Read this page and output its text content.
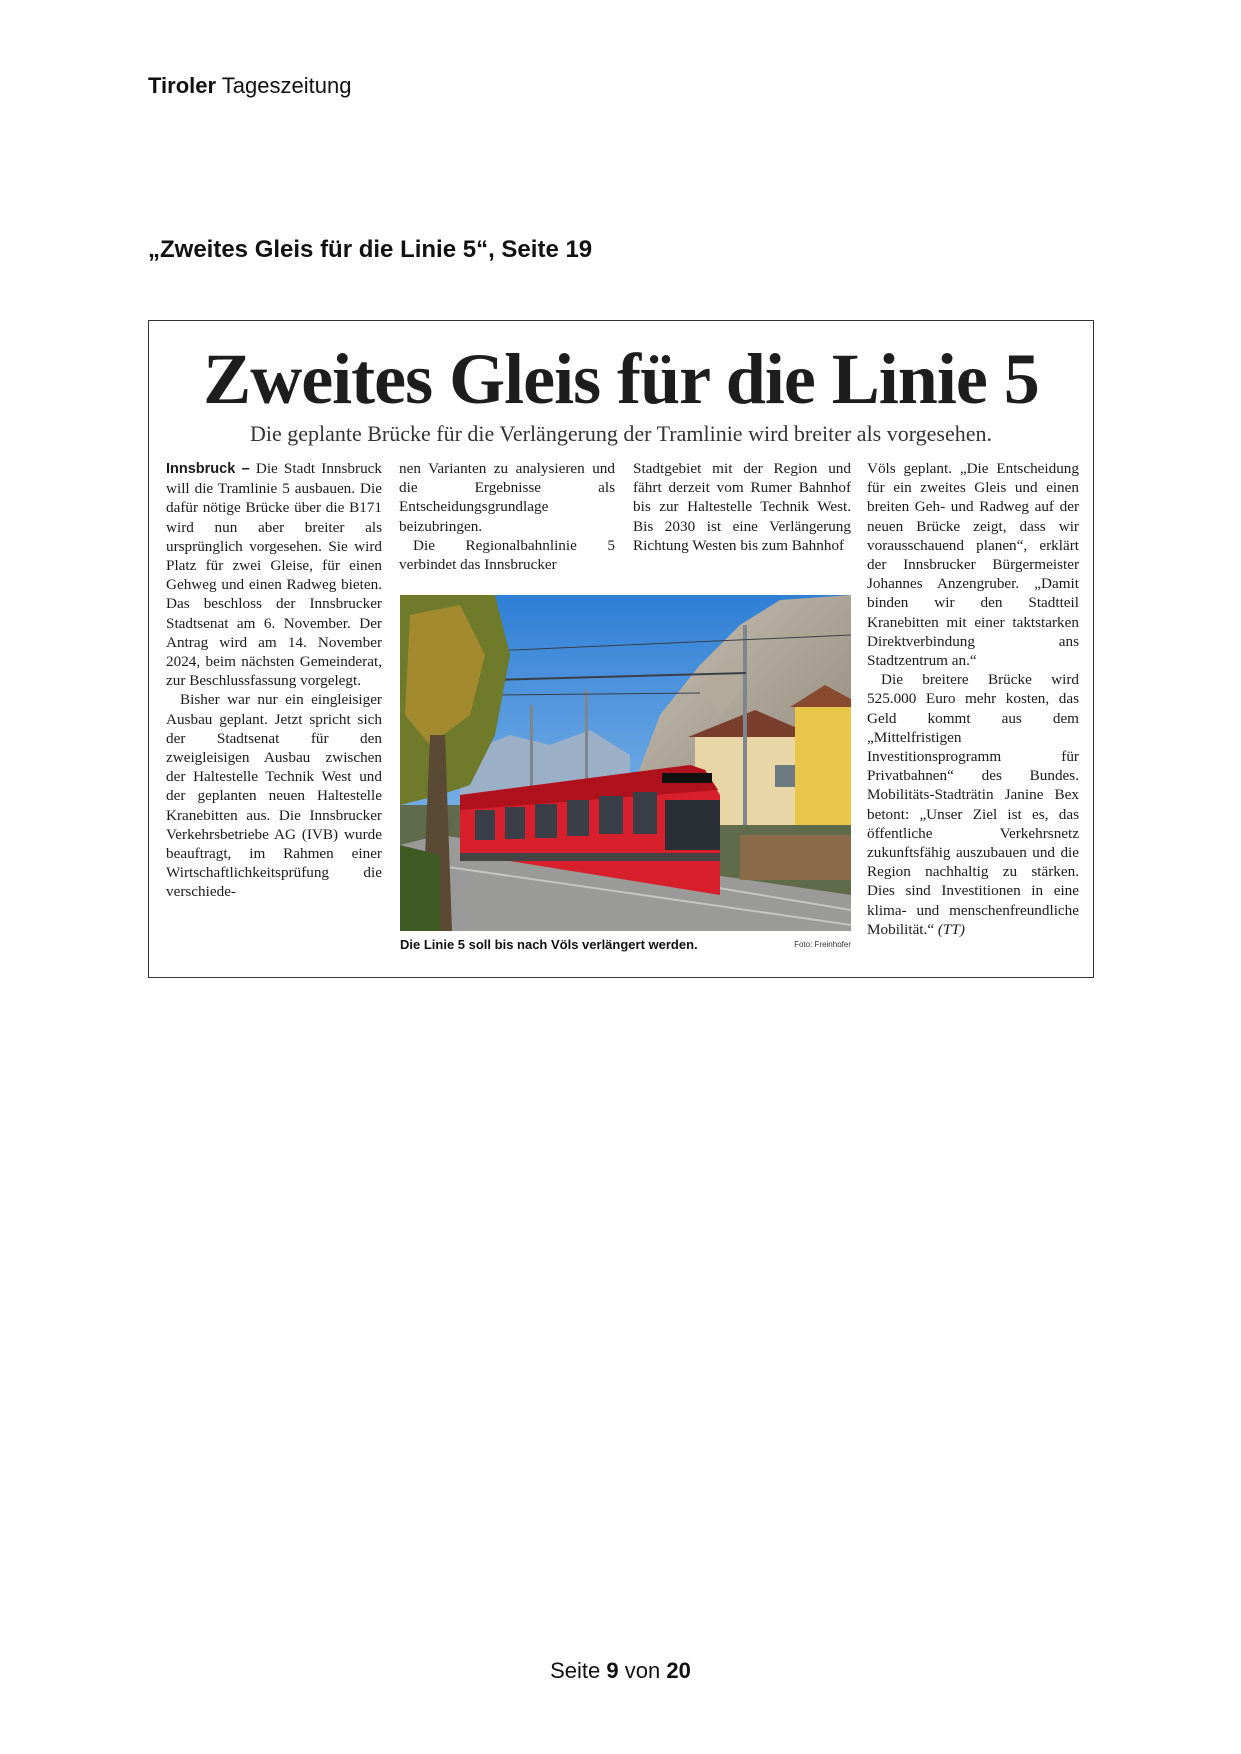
Tiroler Tageszeitung
„Zweites Gleis für die Linie 5“, Seite 19
Zweites Gleis für die Linie 5
Die geplante Brücke für die Verlängerung der Tramlinie wird breiter als vorgesehen.

Innsbruck – Die Stadt Innsbruck will die Tramlinie 5 ausbauen. Die dafür nötige Brücke über die B171 wird nun aber breiter als ursprünglich vorgesehen. Sie wird Platz für zwei Gleise, für einen Gehweg und einen Radweg bieten. Das beschloss der Innsbrucker Stadtsenat am 6. November. Der Antrag wird am 14. November 2024, beim nächsten Gemeinderat, zur Beschlussfassung vorgelegt.

Bisher war nur ein eingleisiger Ausbau geplant. Jetzt spricht sich der Stadtsenat für den zweigleisigen Ausbau zwischen der Haltestelle Technik West und der geplanten neuen Haltestelle Kranebitten aus. Die Innsbrucker Verkehrsbetriebe AG (IVB) wurde beauftragt, im Rahmen einer Wirtschaftlichkeitsprüfung die verschiede-

nen Varianten zu analysieren und die Ergebnisse als Entscheidungsgrundlage beizubringen.

Die Regionalbahnlinie 5 verbindet das Innsbrucker

Stadtgebiet mit der Region und fährt derzeit vom Rumer Bahnhof bis zur Haltestelle Technik West. Bis 2030 ist eine Verlängerung Richtung Westen bis zum Bahnhof

Völs geplant. „Die Entscheidung für ein zweites Gleis und einen breiten Geh- und Radweg auf der neuen Brücke zeigt, dass wir vorausschauend planen“, erklärt der Innsbrucker Bürgermeister Johannes Anzengruber. „Damit binden wir den Stadtteil Kranebitten mit einer taktstarken Direktverbindung ans Stadtzentrum an.“

Die breitere Brücke wird 525.000 Euro mehr kosten, das Geld kommt aus dem „Mittelfristigen Investitionsprogramm für Privatbahnen“ des Bundes. Mobilitäts-Stadträtin Janine Bex betont: „Unser Ziel ist es, das öffentliche Verkehrsnetz zukunftsfähig auszubauen und die Region nachhaltig zu stärken. Dies sind Investitionen in eine klima- und menschenfreundliche Mobilität.“ (TT)

Die Linie 5 soll bis nach Völs verlängert werden.	Foto: Freinhofer
Seite 9 von 20
